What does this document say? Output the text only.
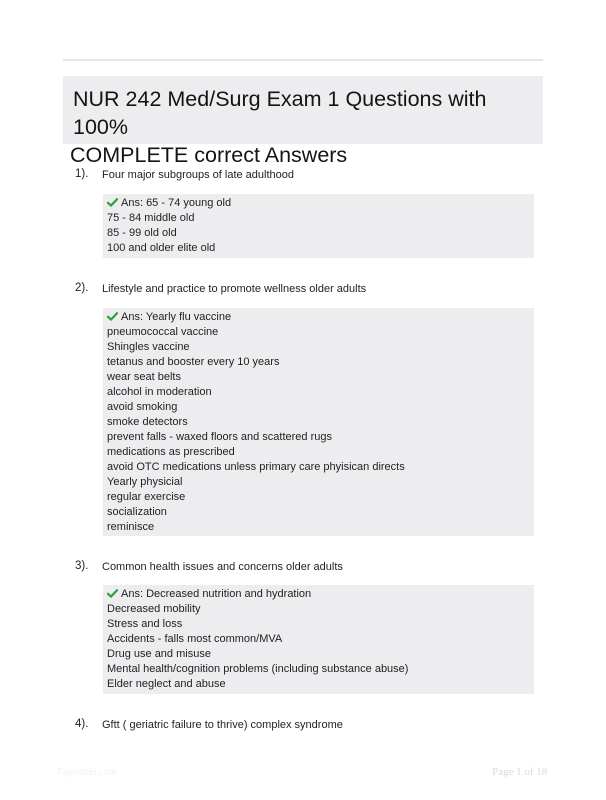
NUR 242 Med/Surg Exam 1 Questions with 100%
COMPLETE correct Answers
1). Four major subgroups of late adulthood
Ans: 65 - 74 young old
75 - 84 middle old
85 - 99 old old
100 and older elite old
2). Lifestyle and practice to promote wellness older adults
Ans: Yearly flu vaccine
pneumococcal vaccine
Shingles vaccine
tetanus and booster every 10 years
wear seat belts
alcohol in moderation
avoid smoking
smoke detectors
prevent falls - waxed floors and scattered rugs
medications as prescribed
avoid OTC medications unless primary care phyisican directs
Yearly physicial
regular exercise
socialization
reminisce
3). Common health issues and concerns older adults
Ans: Decreased nutrition and hydration
Decreased mobility
Stress and loss
Accidents - falls most common/MVA
Drug use and misuse
Mental health/cognition problems (including substance abuse)
Elder neglect and abuse
4). Gftt ( geriatric failure to thrive) complex syndrome
Papersbin.com	Page 1 of 18
